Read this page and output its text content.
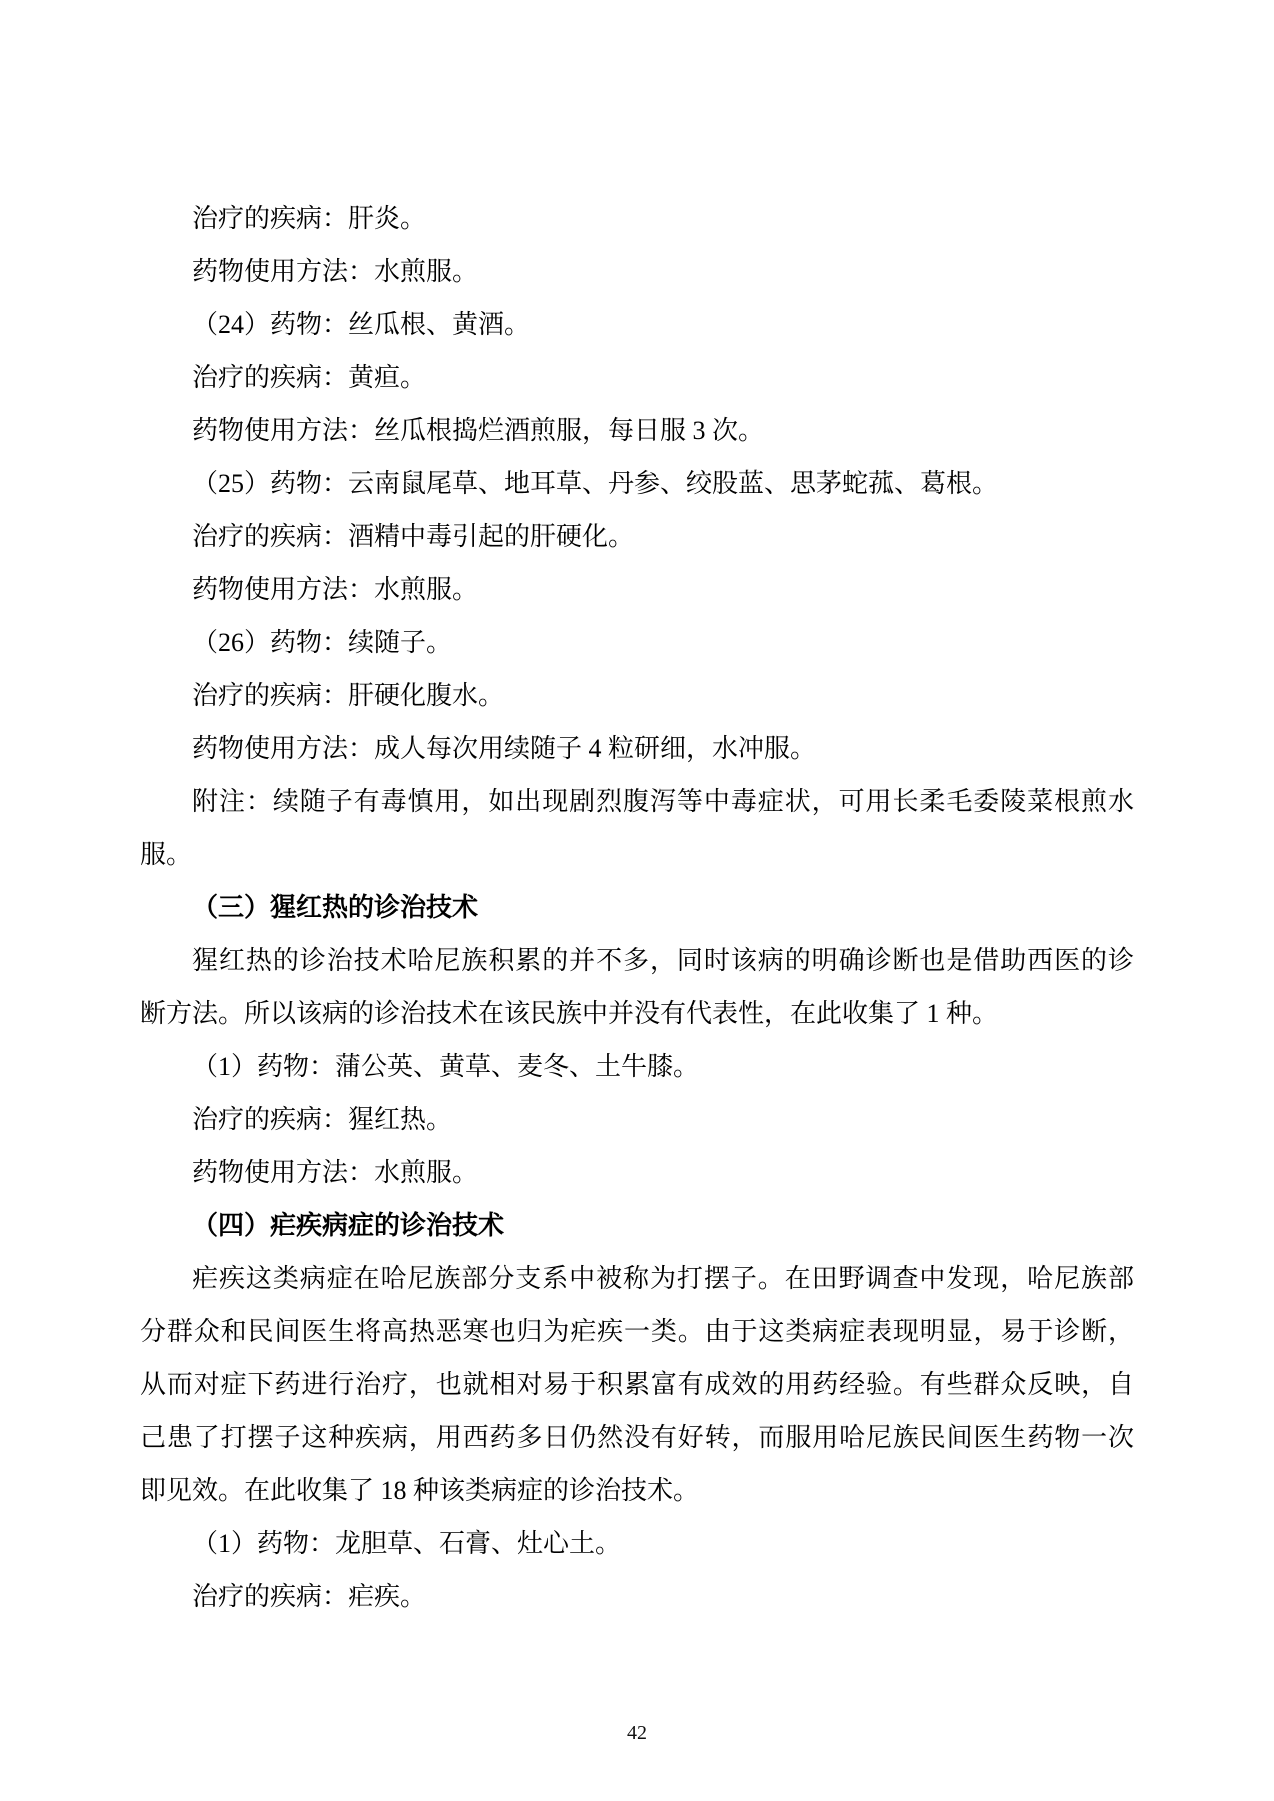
治疗的疾病：肝炎。
药物使用方法：水煎服。
（24）药物：丝瓜根、黄酒。
治疗的疾病：黄疸。
药物使用方法：丝瓜根捣烂酒煎服，每日服 3 次。
（25）药物：云南鼠尾草、地耳草、丹参、绞股蓝、思茅蛇菰、葛根。
治疗的疾病：酒精中毒引起的肝硬化。
药物使用方法：水煎服。
（26）药物：续随子。
治疗的疾病：肝硬化腹水。
药物使用方法：成人每次用续随子 4 粒研细，水冲服。
附注：续随子有毒慎用，如出现剧烈腹泻等中毒症状，可用长柔毛委陵菜根煎水
服。
（三）猩红热的诊治技术
猩红热的诊治技术哈尼族积累的并不多，同时该病的明确诊断也是借助西医的诊
断方法。所以该病的诊治技术在该民族中并没有代表性，在此收集了 1 种。
（1）药物：蒲公英、黄草、麦冬、土牛膝。
治疗的疾病：猩红热。
药物使用方法：水煎服。
（四）疟疾病症的诊治技术
疟疾这类病症在哈尼族部分支系中被称为打摆子。在田野调查中发现，哈尼族部
分群众和民间医生将高热恶寒也归为疟疾一类。由于这类病症表现明显，易于诊断，
从而对症下药进行治疗，也就相对易于积累富有成效的用药经验。有些群众反映，自
己患了打摆子这种疾病，用西药多日仍然没有好转，而服用哈尼族民间医生药物一次
即见效。在此收集了 18 种该类病症的诊治技术。
（1）药物：龙胆草、石膏、灶心土。
治疗的疾病：疟疾。
42
